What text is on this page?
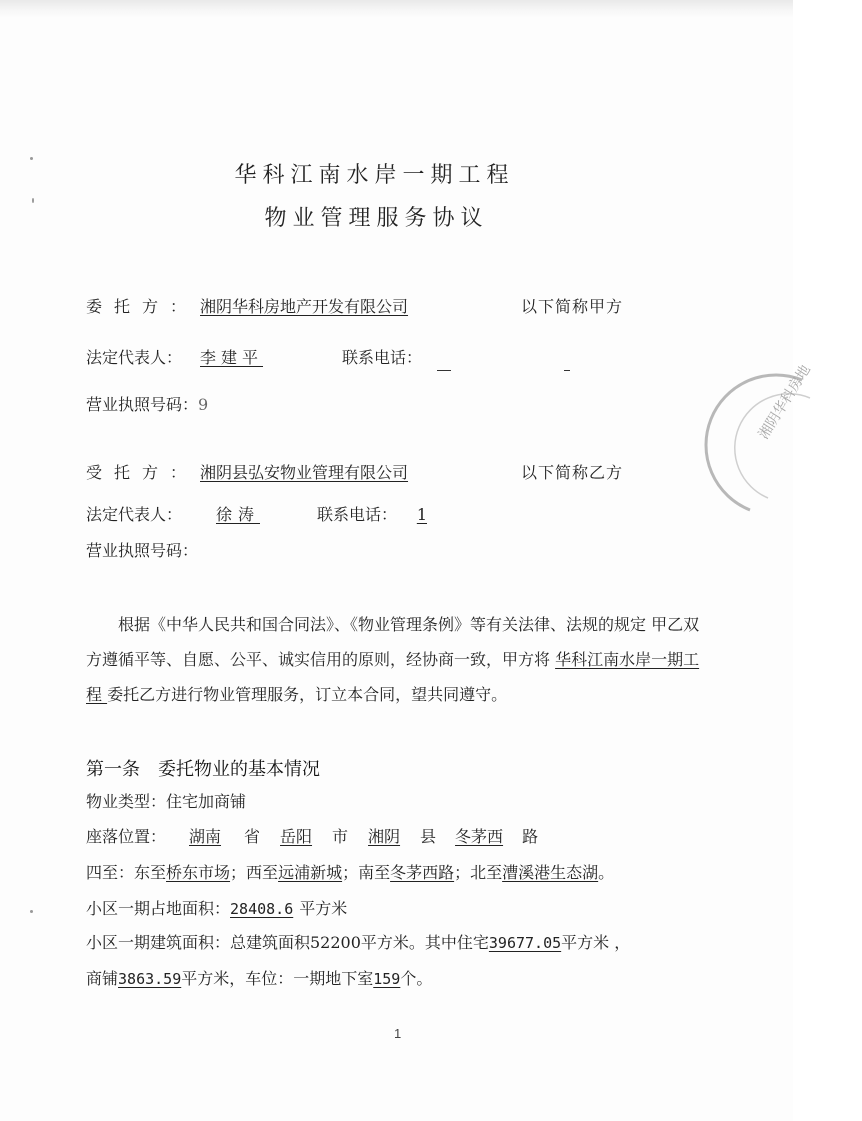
华科江南水岸一期工程
物业管理服务协议
委托方： 湘阴华科房地产开发有限公司	以下简称甲方
法定代表人： 李建平	联系电话：
营业执照号码：9
受托方： 湘阴县弘安物业管理有限公司	以下简称乙方
法定代表人：	徐涛	联系电话：	1
营业执照号码：
根据《中华人民共和国合同法》、《物业管理条例》等有关法律、法规的规定 甲乙双方遵循平等、自愿、公平、诚实信用的原则，经协商一致，甲方将 华科江南水岸一期工程 委托乙方进行物业管理服务，订立本合同，望共同遵守。
第一条　委托物业的基本情况
物业类型：住宅加商铺
座落位置： 湖南 省 岳阳 市 湘阴 县 冬茅西 路
四至：东至桥东市场；西至远浦新城；南至冬茅西路；北至漕溪港生态湖。
小区一期占地面积：28408.6 平方米
小区一期建筑面积：总建筑面积52200平方米。其中住宅39677.05平方米 ，
商铺3863.59平方米，车位：一期地下室159个。
1
湘阴华科房地
